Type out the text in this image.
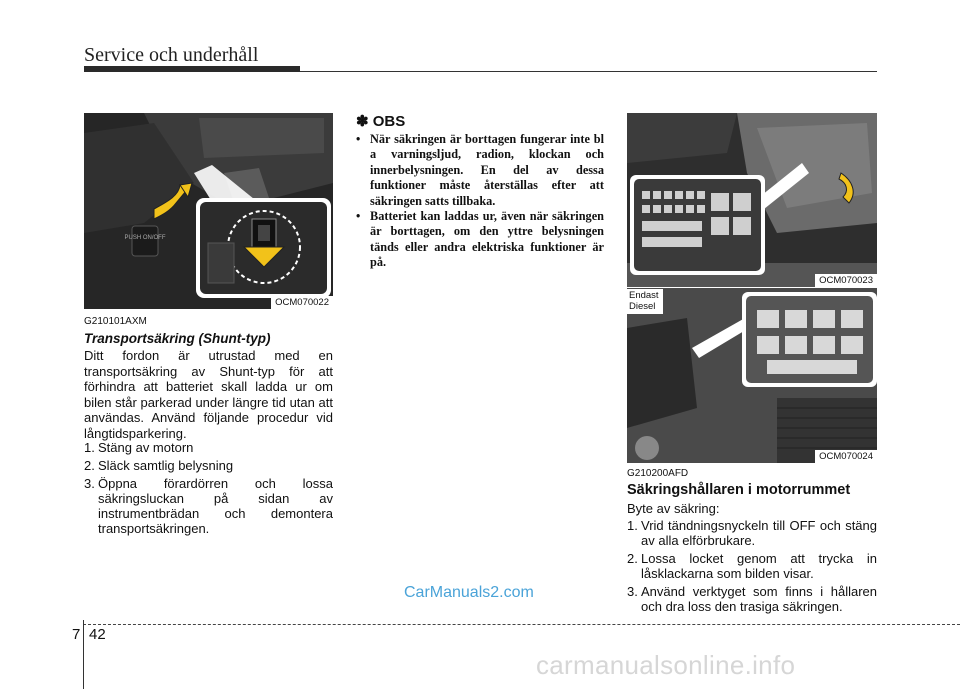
Service och underhåll
PUSH ON/OFF
OCM070022
G210101AXM
Transportsäkring (Shunt-typ)
Ditt fordon är utrustad med en transportsäkring av Shunt-typ för att förhindra att batteriet skall ladda ur om bilen står parkerad under längre tid utan att användas. Använd följande procedur vid långtidsparkering.
1. Stäng av motorn
2. Släck samtlig belysning
3. Öppna förardörren och lossa säkringsluckan på sidan av instrumentbrädan och demontera transportsäkringen.
✽ OBS
• När säkringen är borttagen fungerar inte bl a varningsljud, radion, klockan och innerbelysningen. En del av dessa funktioner måste återställas efter att säkringen satts tillbaka.
• Batteriet kan laddas ur, även när säkringen är borttagen, om den yttre belysningen tänds eller andra elektriska funktioner är på.
OCM070023
Endast
Diesel
OCM070024
G210200AFD
Säkringshållaren i motorrummet
Byte av säkring:
1. Vrid tändningsnyckeln till OFF och stäng av alla elförbrukare.
2. Lossa locket genom att trycka in låsklackarna som bilden visar.
3. Använd verktyget som finns i hållaren och dra loss den trasiga säkringen.
CarManuals2.com
7 42
carmanualsonline.info
